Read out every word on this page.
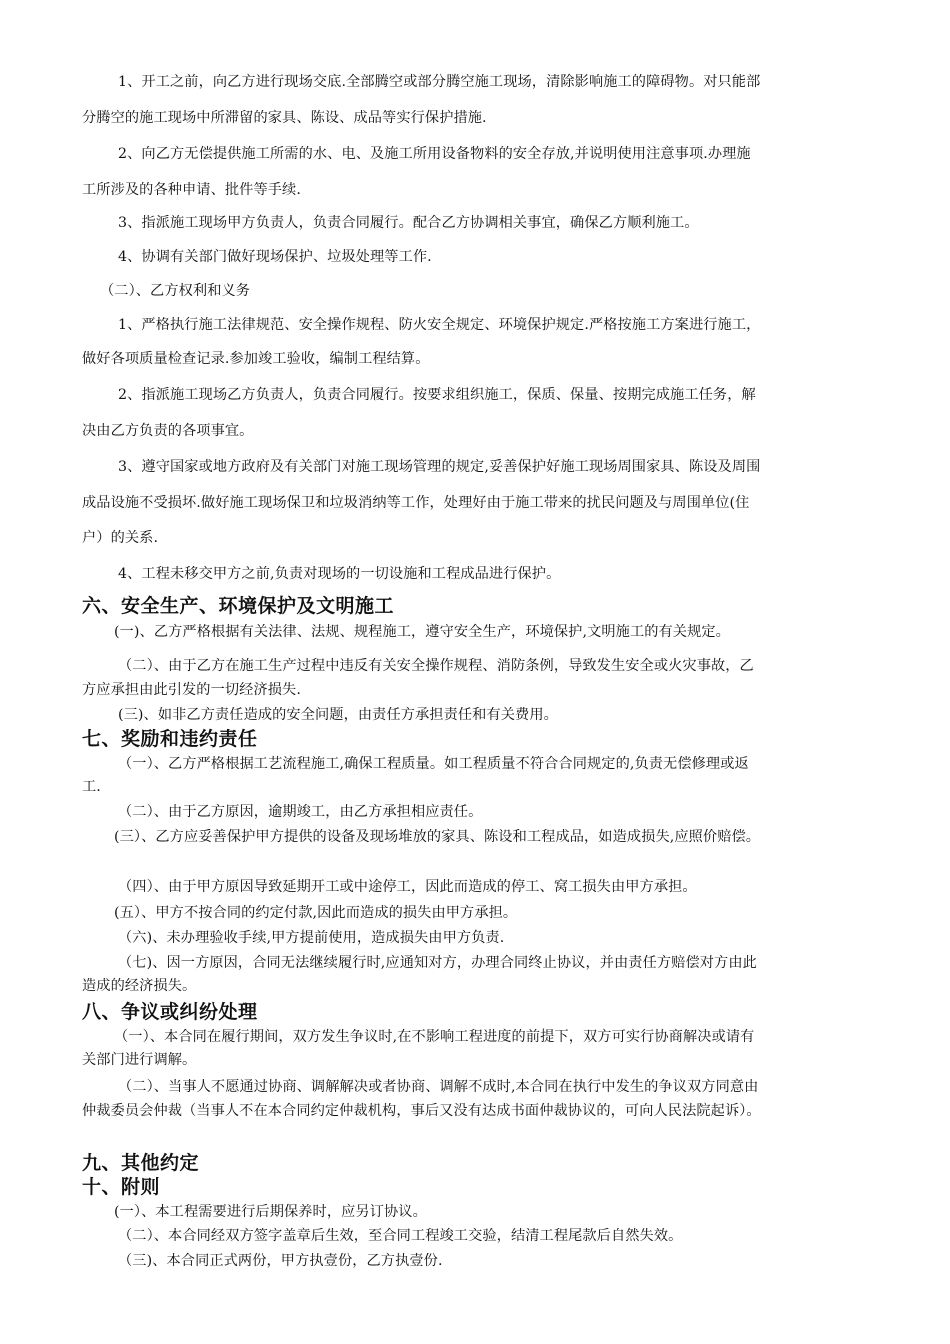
1、开工之前，向乙方进行现场交底.全部腾空或部分腾空施工现场，清除影响施工的障碍物。对只能部
分腾空的施工现场中所滞留的家具、陈设、成品等实行保护措施.
2、向乙方无偿提供施工所需的水、电、及施工所用设备物料的安全存放,并说明使用注意事项.办理施
工所涉及的各种申请、批件等手续.
3、指派施工现场甲方负责人，负责合同履行。配合乙方协调相关事宜，确保乙方顺利施工。
4、协调有关部门做好现场保护、垃圾处理等工作.
（二）、乙方权利和义务
1、严格执行施工法律规范、安全操作规程、防火安全规定、环境保护规定.严格按施工方案进行施工，
做好各项质量检查记录.参加竣工验收，编制工程结算。
2、指派施工现场乙方负责人，负责合同履行。按要求组织施工，保质、保量、按期完成施工任务，解
决由乙方负责的各项事宜。
3、遵守国家或地方政府及有关部门对施工现场管理的规定,妥善保护好施工现场周围家具、陈设及周围
成品设施不受损坏.做好施工现场保卫和垃圾消纳等工作，处理好由于施工带来的扰民问题及与周围单位(住
户）的关系.
4、工程未移交甲方之前,负责对现场的一切设施和工程成品进行保护。
六、安全生产、环境保护及文明施工
(一)、乙方严格根据有关法律、法规、规程施工，遵守安全生产，环境保护,文明施工的有关规定。
（二）、由于乙方在施工生产过程中违反有关安全操作规程、消防条例，导致发生安全或火灾事故，乙
方应承担由此引发的一切经济损失.
(三)、如非乙方责任造成的安全问题，由责任方承担责任和有关费用。
七、奖励和违约责任
（一）、乙方严格根据工艺流程施工,确保工程质量。如工程质量不符合合同规定的,负责无偿修理或返
工.
（二）、由于乙方原因，逾期竣工，由乙方承担相应责任。
(三）、乙方应妥善保护甲方提供的设备及现场堆放的家具、陈设和工程成品，如造成损失,应照价赔偿。
（四）、由于甲方原因导致延期开工或中途停工，因此而造成的停工、窝工损失由甲方承担。
(五）、甲方不按合同的约定付款,因此而造成的损失由甲方承担。
（六)、未办理验收手续,甲方提前使用，造成损失由甲方负责.
（七)、因一方原因，合同无法继续履行时,应通知对方，办理合同终止协议，并由责任方赔偿对方由此
造成的经济损失。
八、争议或纠纷处理
（一）、本合同在履行期间，双方发生争议时,在不影响工程进度的前提下，双方可实行协商解决或请有
关部门进行调解。
（二）、当事人不愿通过协商、调解解决或者协商、调解不成时,本合同在执行中发生的争议双方同意由
仲裁委员会仲裁（当事人不在本合同约定仲裁机构，事后又没有达成书面仲裁协议的，可向人民法院起诉）。
九、其他约定
十、附则
(一）、本工程需要进行后期保养时，应另订协议。
（二）、本合同经双方签字盖章后生效，至合同工程竣工交验，结清工程尾款后自然失效。
（三)、本合同正式两份，甲方执壹份，乙方执壹份.
